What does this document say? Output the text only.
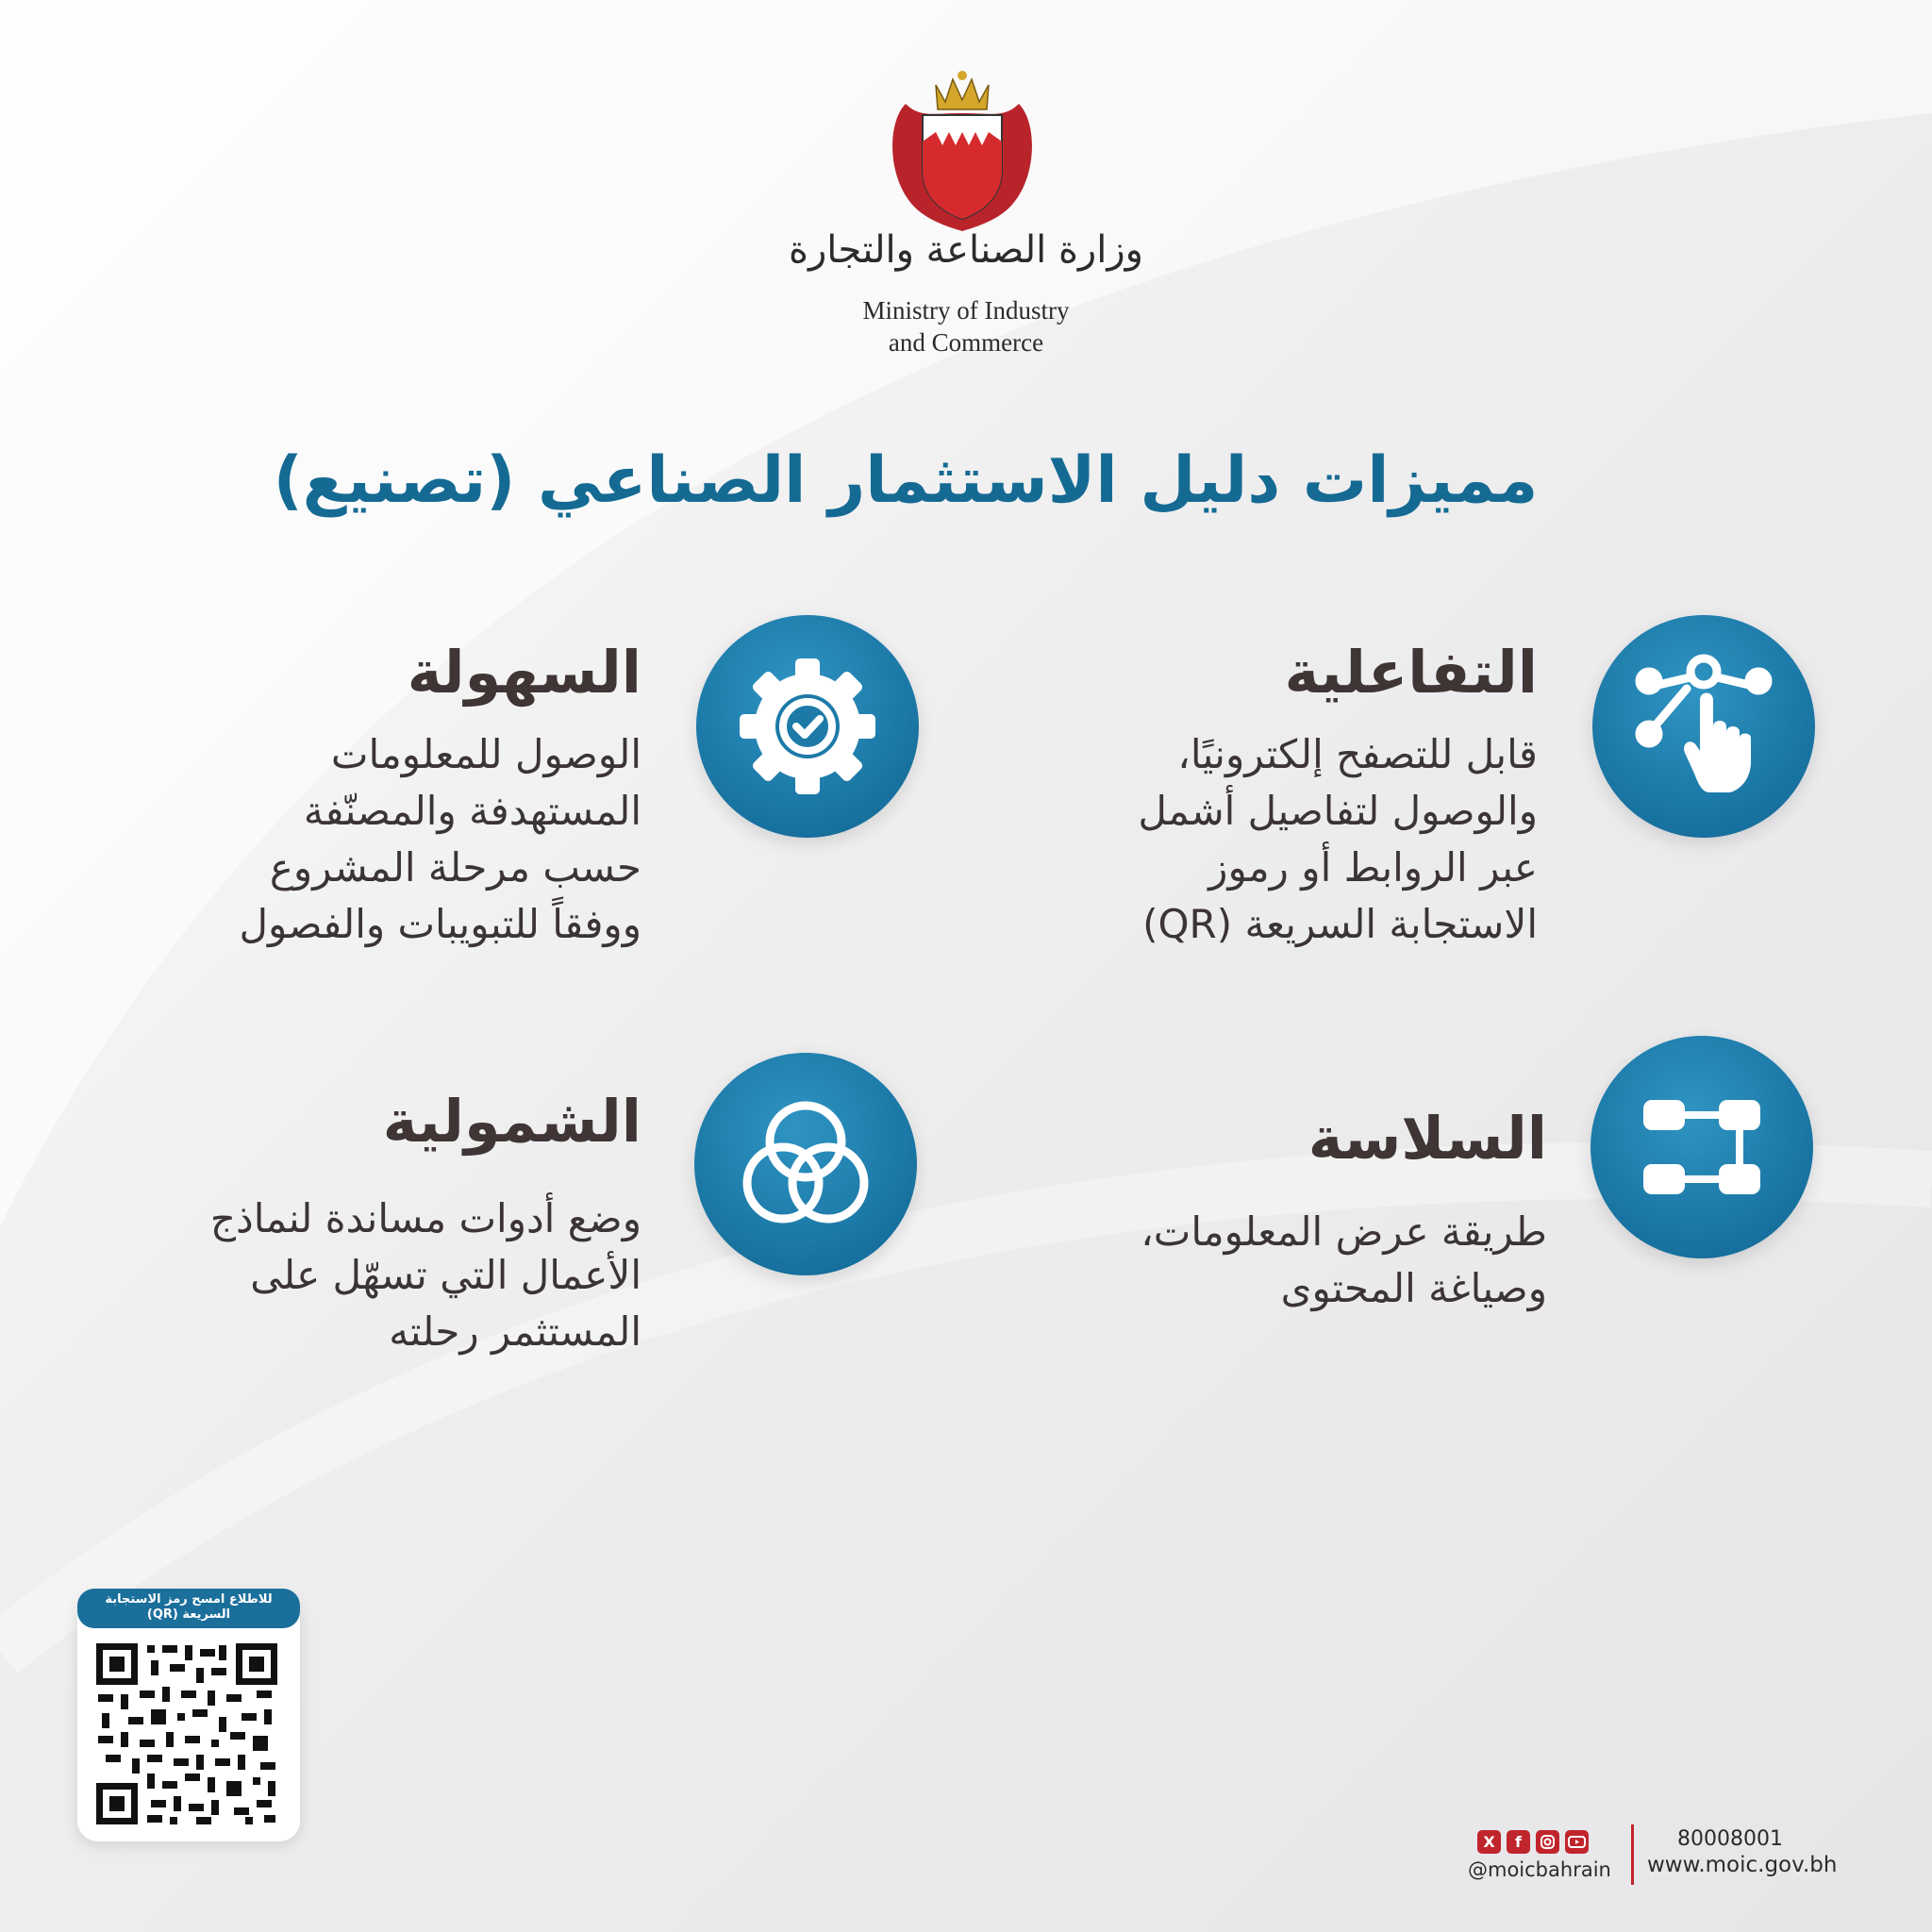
وزارة الصناعة والتجارة
Ministry of Industry
and Commerce
مميزات دليل الاستثمار الصناعي (تصنيع)
التفاعلية
قابل للتصفح إلكترونيًا،
والوصول لتفاصيل أشمل
عبر الروابط أو رموز
الاستجابة السريعة (QR)
السهولة
الوصول للمعلومات
المستهدفة والمصنّفة
حسب مرحلة المشروع
ووفقاً للتبويبات والفصول
السلاسة
طريقة عرض المعلومات،
وصياغة المحتوى
الشمولية
وضع أدوات مساندة لنماذج
الأعمال التي تسهّل على
المستثمر رحلته
للاطلاع امسح رمز الاستجابة
السريعة (QR)
X	f
@moicbahrain
80008001
www.moic.gov.bh
